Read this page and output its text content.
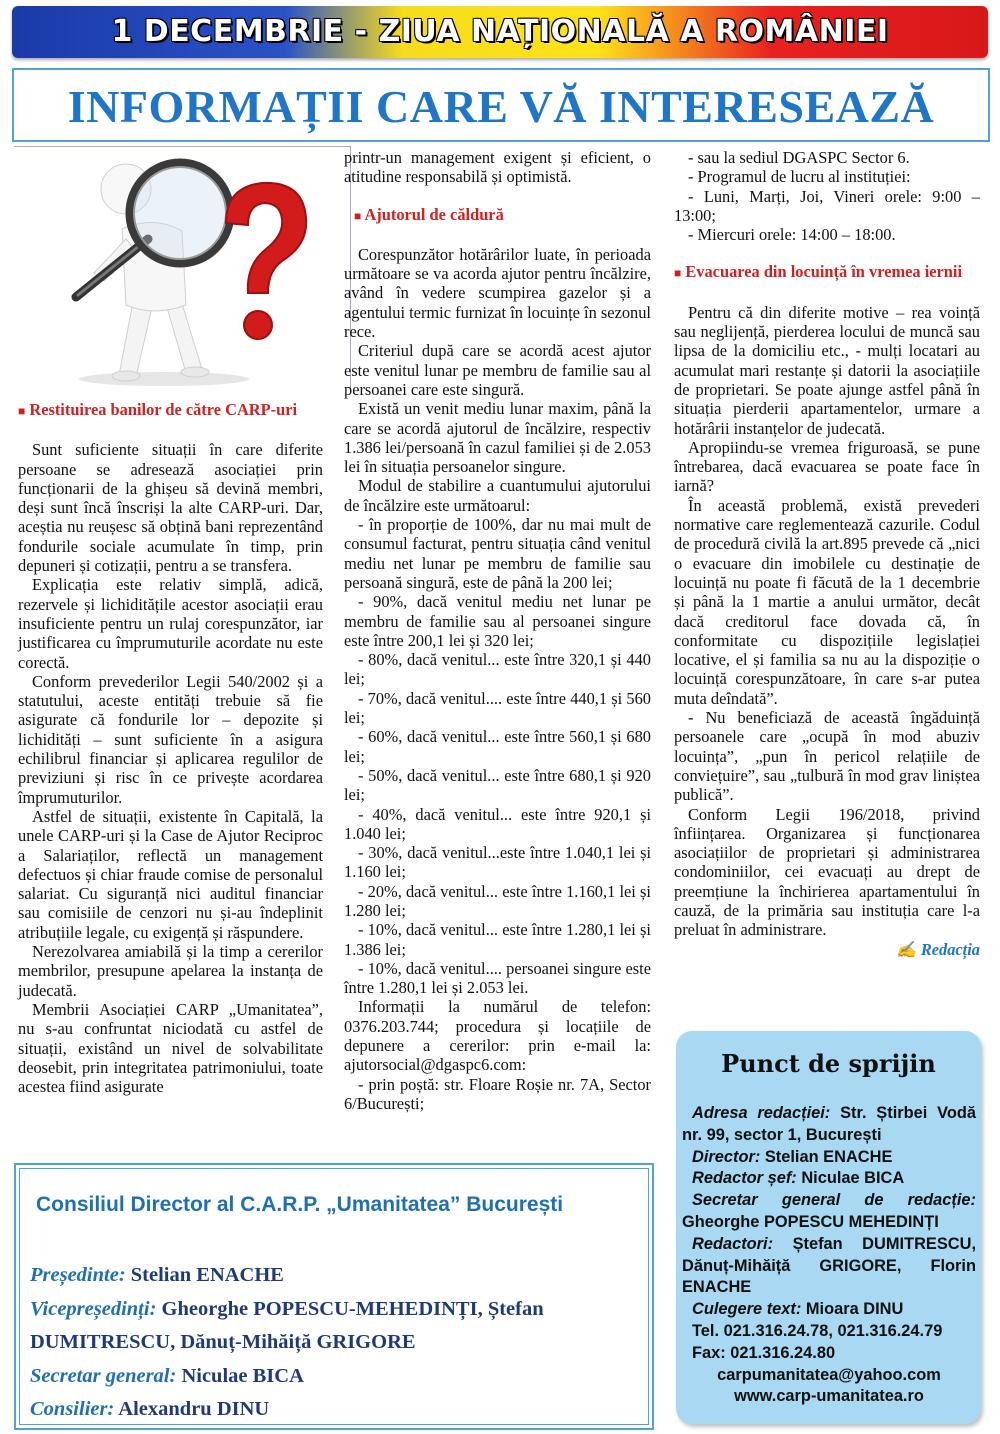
1 DECEMBRIE - ZIUA NAȚIONALĂ A ROMÂNIEI
INFORMAȚII CARE VĂ INTERESEAZĂ
■ Restituirea banilor de către CARP-uri

Sunt suficiente situații în care diferite persoane se adresează asociației prin funcționarii de la ghișeu să devină membri, deși sunt încă înscriși la alte CARP-uri. Dar, aceștia nu reușesc să obțină bani reprezentând fondurile sociale acumulate în timp, prin depuneri și cotizații, pentru a se transfera.

Explicația este relativ simplă, adică, rezervele și lichiditățile acestor asociații erau insuficiente pentru un rulaj corespunzător, iar justificarea cu împrumuturile acordate nu este corectă.

Conform prevederilor Legii 540/2002 și a statutului, aceste entități trebuie să fie asigurate că fondurile lor – depozite și lichidități – sunt suficiente în a asigura echilibrul financiar și aplicarea regulilor de previziuni și risc în ce privește acordarea împrumuturilor.

Astfel de situații, existente în Capitală, la unele CARP-uri și la Case de Ajutor Reciproc a Salariaților, reflectă un management defectuos și chiar fraude comise de personalul salariat. Cu siguranță nici auditul financiar sau comisiile de cenzori nu și-au îndeplinit atribuțiile legale, cu exigență și răspundere.

Nerezolvarea amiabilă și la timp a cererilor membrilor, presupune apelarea la instanța de judecată.

Membrii Asociației CARP „Umanitatea”, nu s-au confruntat niciodată cu astfel de situații, existând un nivel de solvabilitate deosebit, prin integritatea patrimoniului, toate acestea fiind asigurate

printr-un management exigent și eficient, o atitudine responsabilă și optimistă.

■ Ajutorul de căldură

Corespunzător hotărârilor luate, în perioada următoare se va acorda ajutor pentru încălzire, având în vedere scumpirea gazelor și a agentului termic furnizat în locuințe în sezonul rece.

Criteriul după care se acordă acest ajutor este venitul lunar pe membru de familie sau al persoanei care este singură.

Există un venit mediu lunar maxim, până la care se acordă ajutorul de încălzire, respectiv 1.386 lei/persoană în cazul familiei și de 2.053 lei în situația persoanelor singure.

Modul de stabilire a cuantumului ajutorului de încălzire este următoarul:

- în proporție de 100%, dar nu mai mult de consumul facturat, pentru situația când venitul mediu net lunar pe membru de familie sau persoană singură, este de până la 200 lei;

- 90%, dacă venitul mediu net lunar pe membru de familie sau al persoanei singure este între 200,1 lei și 320 lei;

- 80%, dacă venitul... este între 320,1 și 440 lei;

- 70%, dacă venitul.... este între 440,1 și 560 lei;

- 60%, dacă venitul... este între 560,1 și 680 lei;

- 50%, dacă venitul... este între 680,1 și 920 lei;

- 40%, dacă venitul... este între 920,1 și 1.040 lei;

- 30%, dacă venitul...este între 1.040,1 lei și 1.160 lei;

- 20%, dacă venitul... este între 1.160,1 lei și 1.280 lei;

- 10%, dacă venitul... este între 1.280,1 lei și 1.386 lei;

- 10%, dacă venitul.... persoanei singure este între 1.280,1 lei și 2.053 lei.

Informații la numărul de telefon: 0376.203.744; procedura și locațiile de depunere a cererilor: prin e-mail la: ajutorsocial@dgaspc6.com:

- prin poștă: str. Floare Roșie nr. 7A, Sector 6/București;

- sau la sediul DGASPC Sector 6.

- Programul de lucru al instituției:

- Luni, Marți, Joi, Vineri orele: 9:00 – 13:00;

- Miercuri orele: 14:00 – 18:00.

■ Evacuarea din locuință în vremea iernii

Pentru că din diferite motive – rea voință sau neglijență, pierderea locului de muncă sau lipsa de la domiciliu etc., - mulți locatari au acumulat mari restanțe și datorii la asociațiile de proprietari. Se poate ajunge astfel până în situația pierderii apartamentelor, urmare a hotărârii instanțelor de judecată.

Apropiindu-se vremea friguroasă, se pune întrebarea, dacă evacuarea se poate face în iarnă?

În această problemă, există prevederi normative care reglementează cazurile. Codul de procedură civilă la art.895 prevede că „nici o evacuare din imobilele cu destinație de locuință nu poate fi făcută de la 1 decembrie și până la 1 martie a anului următor, decât dacă creditorul face dovada că, în conformitate cu dispozițiile legislației locative, el și familia sa nu au la dispoziție o locuință corespunzătoare, în care s-ar putea muta deîndată”.

- Nu beneficiază de această îngăduință persoanele care „ocupă în mod abuziv locuința”, „pun în pericol relațiile de conviețuire”, sau „tulbură în mod grav liniștea publică”.

Conform Legii 196/2018, privind înființarea. Organizarea și funcționarea asociațiilor de proprietari și administrarea condominiilor, cei evacuați au drept de preemțiune la închirierea apartamentului în cauză, de la primăria sau instituția care l-a preluat în administrare.

✍ Redacția
Consiliul Director al C.A.R.P. „Umanitatea” București
Președinte: Stelian ENACHE
Vicepreședinți: Gheorghe POPESCU-MEHEDINȚI, Ștefan DUMITRESCU, Dănuț-Mihăiță GRIGORE
Secretar general: Niculae BICA
Consilier: Alexandru DINU
Punct de sprijin

Adresa redacției: Str. Știrbei Vodă nr. 99, sector 1, București

Director: Stelian ENACHE

Redactor șef: Niculae BICA

Secretar general de redacție: Gheorghe POPESCU MEHEDINȚI

Redactori: Ștefan DUMITRESCU, Dănuț-Mihăiță GRIGORE, Florin ENACHE

Culegere text: Mioara DINU

Tel. 021.316.24.78, 021.316.24.79

Fax: 021.316.24.80

carpumanitatea@yahoo.com

www.carp-umanitatea.ro
